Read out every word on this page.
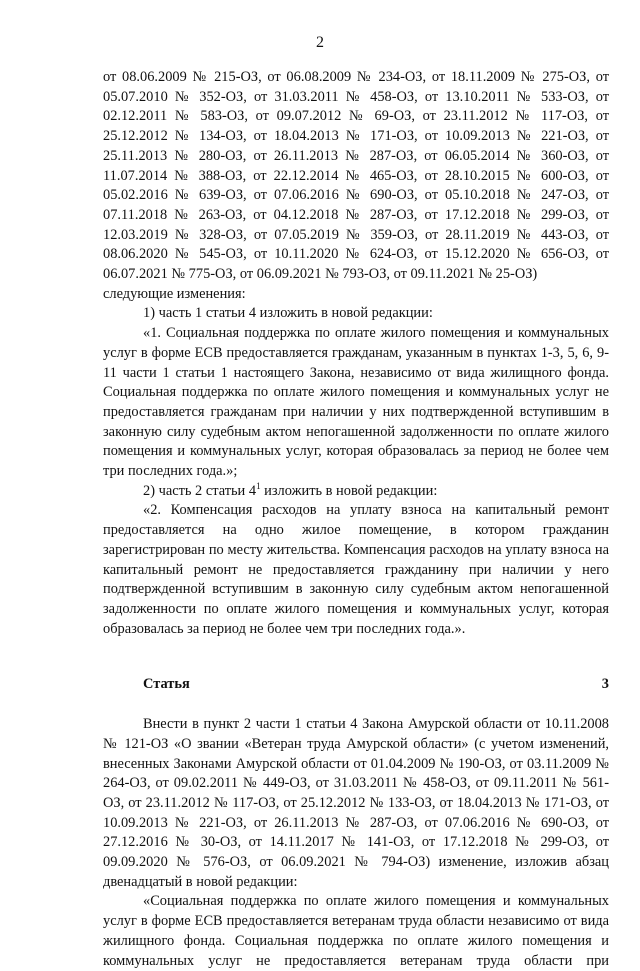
2

от 08.06.2009 № 215-ОЗ, от 06.08.2009 № 234-ОЗ, от 18.11.2009 № 275-ОЗ, от 05.07.2010 № 352-ОЗ, от 31.03.2011 № 458-ОЗ, от 13.10.2011 № 533-ОЗ, от 02.12.2011 № 583-ОЗ, от 09.07.2012 № 69-ОЗ, от 23.11.2012 № 117-ОЗ, от 25.12.2012 № 134-ОЗ, от 18.04.2013 № 171-ОЗ, от 10.09.2013 № 221-ОЗ, от 25.11.2013 № 280-ОЗ, от 26.11.2013 № 287-ОЗ, от 06.05.2014 № 360-ОЗ, от 11.07.2014 № 388-ОЗ, от 22.12.2014 № 465-ОЗ, от 28.10.2015 № 600-ОЗ, от 05.02.2016 № 639-ОЗ, от 07.06.2016 № 690-ОЗ, от 05.10.2018 № 247-ОЗ, от 07.11.2018 № 263-ОЗ, от 04.12.2018 № 287-ОЗ, от 17.12.2018 № 299-ОЗ, от 12.03.2019 № 328-ОЗ, от 07.05.2019 № 359-ОЗ, от 28.11.2019 № 443-ОЗ, от 08.06.2020 № 545-ОЗ, от 10.11.2020 № 624-ОЗ, от 15.12.2020 № 656-ОЗ, от 06.07.2021 № 775-ОЗ, от 06.09.2021 № 793-ОЗ, от 09.11.2021 № 25-ОЗ)

следующие изменения:

1) часть 1 статьи 4 изложить в новой редакции:

«1. Социальная поддержка по оплате жилого помещения и коммунальных услуг в форме ЕСВ предоставляется гражданам, указанным в пунктах 1-3, 5, 6, 9-11 части 1 статьи 1 настоящего Закона, независимо от вида жилищного фонда. Социальная поддержка по оплате жилого помещения и коммунальных услуг не предоставляется гражданам при наличии у них подтвержденной вступившим в законную силу судебным актом непогашенной задолженности по оплате жилого помещения и коммунальных услуг, которая образовалась за период не более чем три последних года.»;

2) часть 2 статьи $4^1$ изложить в новой редакции:

«2. Компенсация расходов на уплату взноса на капитальный ремонт предоставляется на одно жилое помещение, в котором гражданин зарегистрирован по месту жительства. Компенсация расходов на уплату взноса на капитальный ремонт не предоставляется гражданину при наличии у него подтвержденной вступившим в законную силу судебным актом непогашенной задолженности по оплате жилого помещения и коммунальных услуг, которая образовалась за период не более чем три последних года.».

Статья 3

Внести в пункт 2 части 1 статьи 4 Закона Амурской области от 10.11.2008 № 121-ОЗ «О звании «Ветеран труда Амурской области» (с учетом изменений, внесенных Законами Амурской области от 01.04.2009 № 190-ОЗ, от 03.11.2009 № 264-ОЗ, от 09.02.2011 № 449-ОЗ, от 31.03.2011 № 458-ОЗ, от 09.11.2011 № 561-ОЗ, от 23.11.2012 № 117-ОЗ, от 25.12.2012 № 133-ОЗ, от 18.04.2013 № 171-ОЗ, от 10.09.2013 № 221-ОЗ, от 26.11.2013 № 287-ОЗ, от 07.06.2016 № 690-ОЗ, от 27.12.2016 № 30-ОЗ, от 14.11.2017 № 141-ОЗ, от 17.12.2018 № 299-ОЗ, от 09.09.2020 № 576-ОЗ, от 06.09.2021 № 794-ОЗ) изменение, изложив абзац двенадцатый в новой редакции:

«Социальная поддержка по оплате жилого помещения и коммунальных услуг в форме ЕСВ предоставляется ветеранам труда области независимо от вида жилищного фонда. Социальная поддержка по оплате жилого помещения и коммунальных услуг не предоставляется ветеранам труда области при
